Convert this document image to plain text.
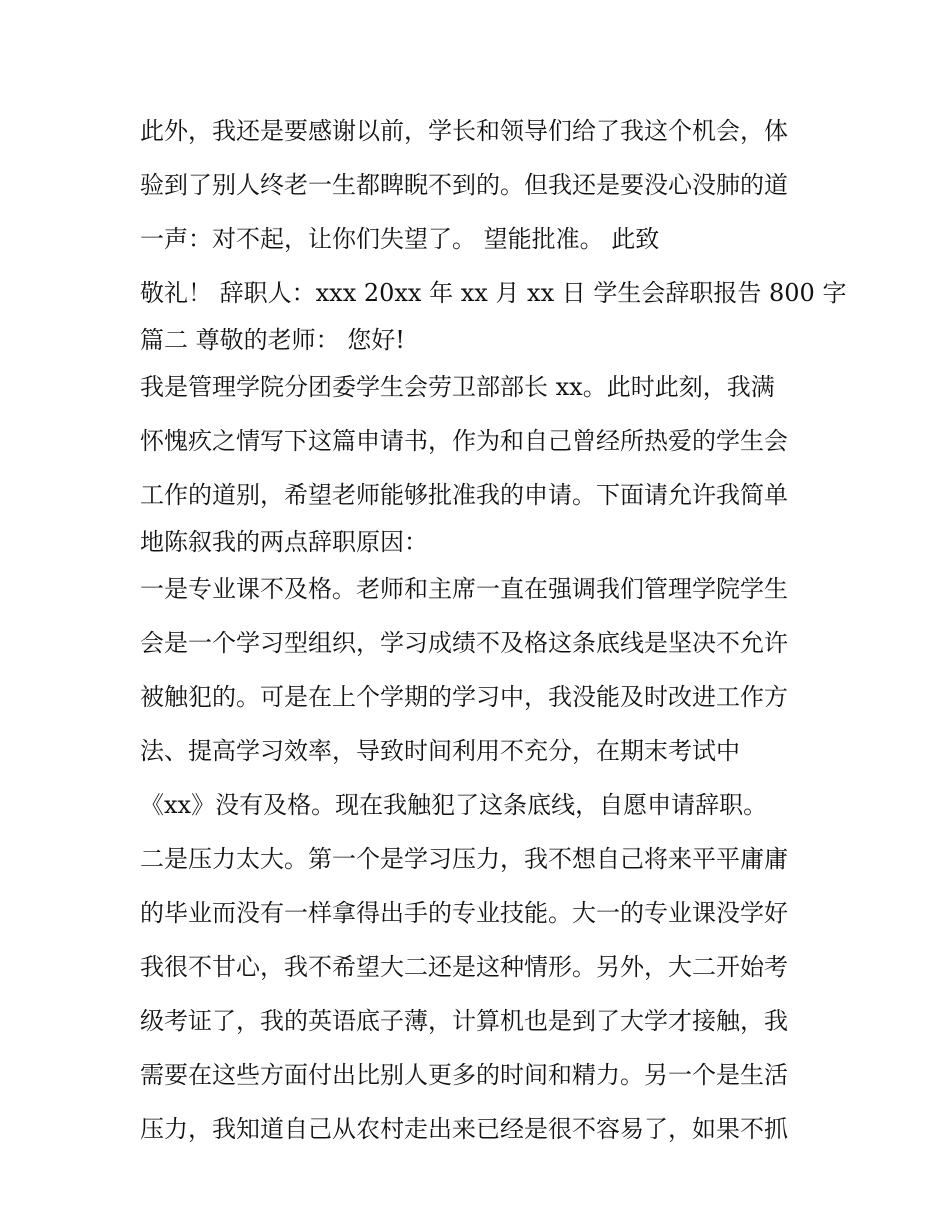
此外，我还是要感谢以前，学长和领导们给了我这个机会，体
验到了别人终老一生都睥睨不到的。但我还是要没心没肺的道
一声：对不起，让你们失望了。 望能批准。 此致
敬礼！ 辞职人：xxx 20xx 年 xx 月 xx 日 学生会辞职报告 800 字
篇二 尊敬的老师： 您好!
我是管理学院分团委学生会劳卫部部长 xx。此时此刻，我满
怀愧疚之情写下这篇申请书，作为和自己曾经所热爱的学生会
工作的道别，希望老师能够批准我的申请。下面请允许我简单
地陈叙我的两点辞职原因：
一是专业课不及格。老师和主席一直在强调我们管理学院学生
会是一个学习型组织，学习成绩不及格这条底线是坚决不允许
被触犯的。可是在上个学期的学习中，我没能及时改进工作方
法、提高学习效率，导致时间利用不充分，在期末考试中
《xx》没有及格。现在我触犯了这条底线，自愿申请辞职。
二是压力太大。第一个是学习压力，我不想自己将来平平庸庸
的毕业而没有一样拿得出手的专业技能。大一的专业课没学好
我很不甘心，我不希望大二还是这种情形。另外，大二开始考
级考证了，我的英语底子薄，计算机也是到了大学才接触，我
需要在这些方面付出比别人更多的时间和精力。另一个是生活
压力，我知道自己从农村走出来已经是很不容易了，如果不抓
